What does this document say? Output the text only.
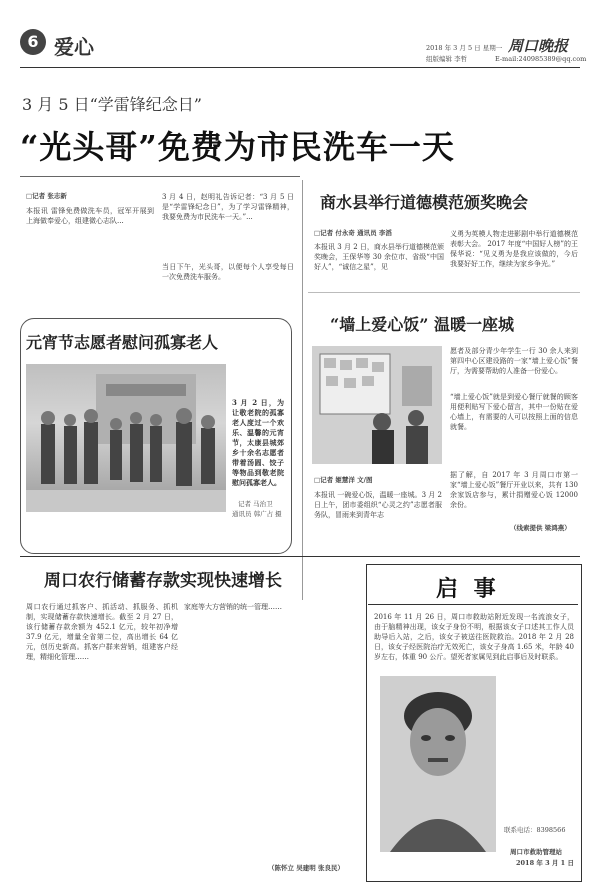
6 爱心	2018 年 3 月 5 日 星期一
组版编辑 李哲	E-mail:240985389@qq.com
周口晚报
3 月 5 日“学雷锋纪念日”
“光头哥”免费为市民洗车一天
□记者 张志新
本报讯 雷锋免费做洗车员，冠军开展到上海做奉爱心，组建微心志队...
3 月 4 日，赵明礼告诉记者：“3 月 5 日是“学雷锋纪念日”，为了学习雷锋精神，我要免费为市民洗车一天。”...
当日下午，光头哥，以便每个人享受每日一次免费洗车服务。
商水县举行道德模范颁奖晚会
□记者 付永奇 通讯员 李滔
本报讯 3 月 2 日，商水县举行道德模范颁奖晚会，王保华等 30 余位市、省级“中国好人”，“诚信之星”，见
义勇为英模人物走进影剧中举行道德模范表彰大会。 2017 年度“中国好人榜”的王保华说：“见义勇为是我应该做的，今后我要好好工作，继续为家乡争光。”
元宵节志愿者慰问孤寡老人
3 月 2 日，为让敬老院的孤寡老人度过一个欢乐、温馨的元宵节，太康县城郊乡十余名志愿者带着汤圆、饺子等物品到敬老院慰问孤寡老人。
记者 马治卫
通讯员 韩广占 摄
“墙上爱心饭” 温暖一座城
□记者 姬慧洋 文/图
本报讯 一碗爱心饭，温暖一座城。3 月 2 日上午，团市委组织“心灵之约”志愿者服务队，冒雨来到青年志
愿者及部分青少年学生一行 30 余人来到第四中心区建设路的一家“墙上爱心饭”餐厅，为需要帮助的人准备一份爱心。
“墙上爱心饭”就是到爱心餐厅就餐的顾客用便利贴写下爱心留言，其中一份贴在爱心墙上，有需要的人可以按照上面的信息就餐。
据了解，自 2017 年 3 月周口市第一家“墙上爱心饭”餐厅开业以来，共有 130 余家饭店参与，累计捐赠爱心饭 12000 余份。
（线索提供 梁鸿燕）
周口农行储蓄存款实现快速增长
周口农行通过抓客户、抓活动、抓服务、抓机制，实现储蓄存款快速增长。截至 2 月 27 日，该行储蓄存款余额为 452.1 亿元，较年初净增 37.9 亿元，增量全省第二位，高出增长 64 亿元，创历史新高。抓客户群来营销，组建客户经理，精细化管理……
家庭等大方营销的统一管理……
（陈怀立 吴建明 张良民）
启 事
2016 年 11 月 26 日，周口市救助站附近发现一名流浪女子，由于脑精神出现，该女子身份不明，根据该女子口述其工作人员助导后入站，之后，该女子被送往医院救治。2018 年 2 月 28 日，该女子经医院治疗无效死亡，该女子身高 1.65 米，年龄 40 岁左右，体重 90 公斤。望死者家属见到此启事后及时联系。
联系电话：8398566
周口市救助管理站
2018 年 3 月 1 日
